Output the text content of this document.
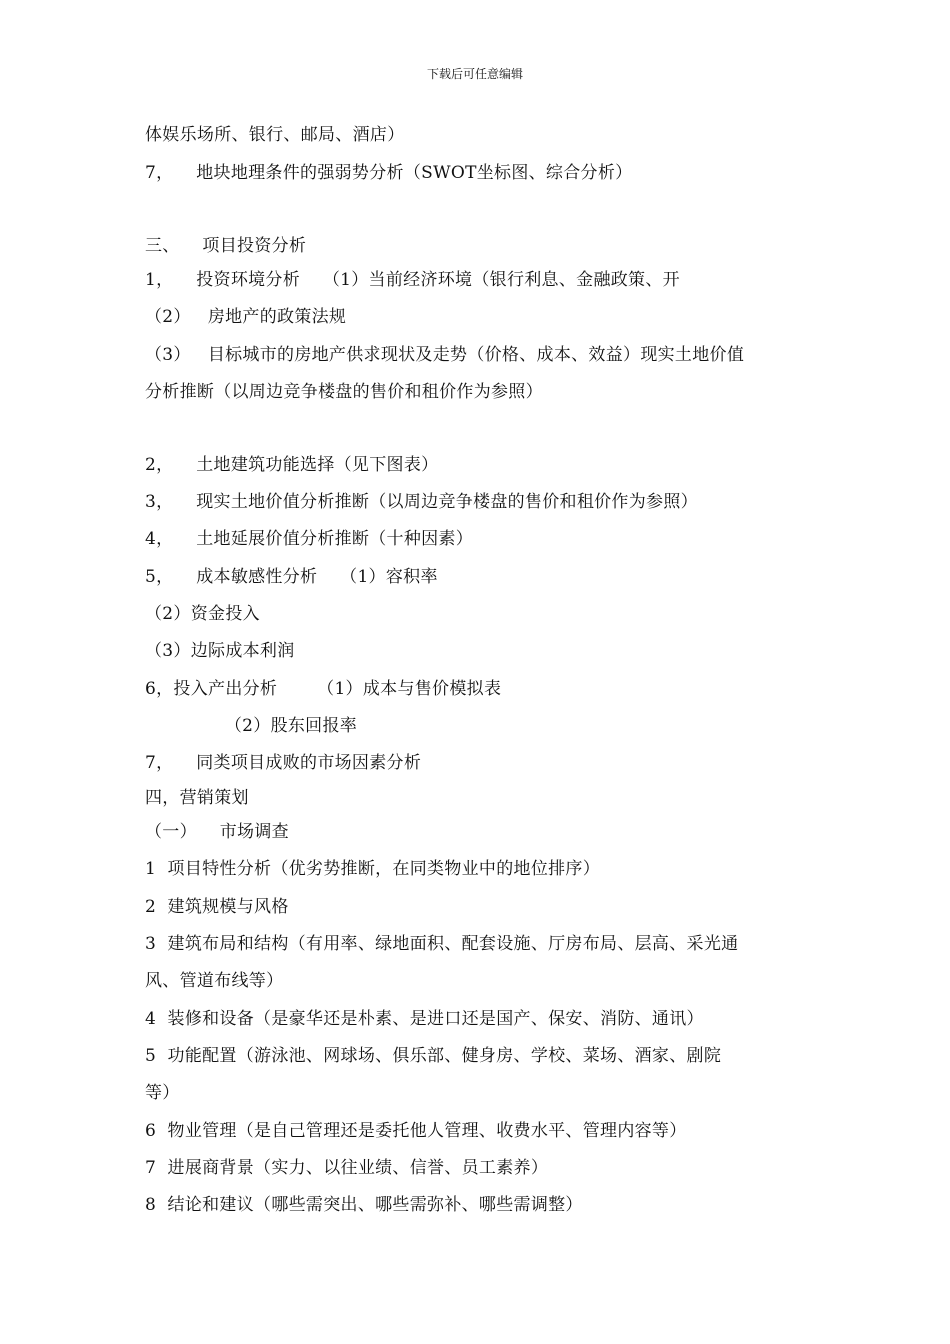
下载后可任意编辑
体娱乐场所、银行、邮局、酒店）
7，    地块地理条件的强弱势分析（SWOT坐标图、综合分析）
三、    项目投资分析
1，    投资环境分析    （1）当前经济环境（银行利息、金融政策、开
（2）   房地产的政策法规
（3）   目标城市的房地产供求现状及走势（价格、成本、效益）现实土地价值
分析推断（以周边竞争楼盘的售价和租价作为参照）
2，    土地建筑功能选择（见下图表）
3，    现实土地价值分析推断（以周边竞争楼盘的售价和租价作为参照）
4，    土地延展价值分析推断（十种因素）
5，    成本敏感性分析    （1）容积率
（2）资金投入
（3）边际成本利润
6，投入产出分析       （1）成本与售价模拟表
（2）股东回报率
7，    同类项目成败的市场因素分析
四，营销策划
（一）    市场调查
1  项目特性分析（优劣势推断，在同类物业中的地位排序）
2  建筑规模与风格
3  建筑布局和结构（有用率、绿地面积、配套设施、厅房布局、层高、采光通
风、管道布线等）
4  装修和设备（是豪华还是朴素、是进口还是国产、保安、消防、通讯）
5  功能配置（游泳池、网球场、俱乐部、健身房、学校、菜场、酒家、剧院
等）
6  物业管理（是自己管理还是委托他人管理、收费水平、管理内容等）
7  进展商背景（实力、以往业绩、信誉、员工素养）
8  结论和建议（哪些需突出、哪些需弥补、哪些需调整）
